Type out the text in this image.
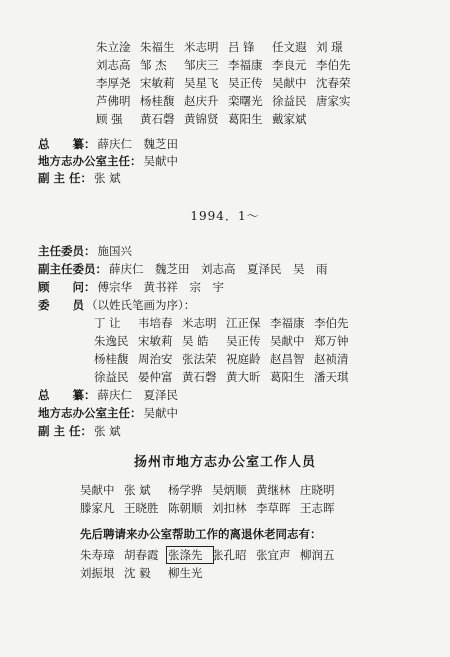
朱立淦 朱福生 米志明 吕 锋 任文遐 刘 璟
刘志高 邹 杰 邹庆三 李福康 李良元 李伯先
李厚尧 宋敏莉 吴星飞 吴正传 吴献中 沈春荣
芦佛明 杨桂馥 赵庆升 栾曙光 徐益民 唐家实
顾 强 黄石磬 黄锦贤 葛阳生 戴家斌
总　　纂： 薛庆仁　魏芝田
地方志办公室主任： 吴献中
副 主 任： 张 斌
1994．1～
主任委员： 施国兴
副主任委员： 薛庆仁　魏芝田　刘志高　夏泽民　吴　雨
顾　　问： 傅宗华　黄书祥　宗　宇
委　　员 （以姓氏笔画为序）：
丁 让 韦培春 米志明 江正保 李福康 李伯先
朱逸民 宋敏莉 吴 皓 吴正传 吴献中 郑万钟
杨桂馥 周治安 张法荣 祝庭龄 赵昌智 赵祯清
徐益民 晏仲富 黄石磬 黄大昕 葛阳生 潘天琪
总　　纂： 薛庆仁　夏泽民
地方志办公室主任： 吴献中
副 主 任： 张 斌
扬州市地方志办公室工作人员
吴献中 张 斌 杨学骅 吴炳顺 黄继林 庄晓明
滕家凡 王晓胜 陈朝顺 刘扣林 李草晖 王志晖
先后聘请来办公室帮助工作的离退休老同志有：
朱寿璋 胡春霞 张涤先 张孔昭 张宜声 柳润五
刘振垠 沈 毅 柳生光
